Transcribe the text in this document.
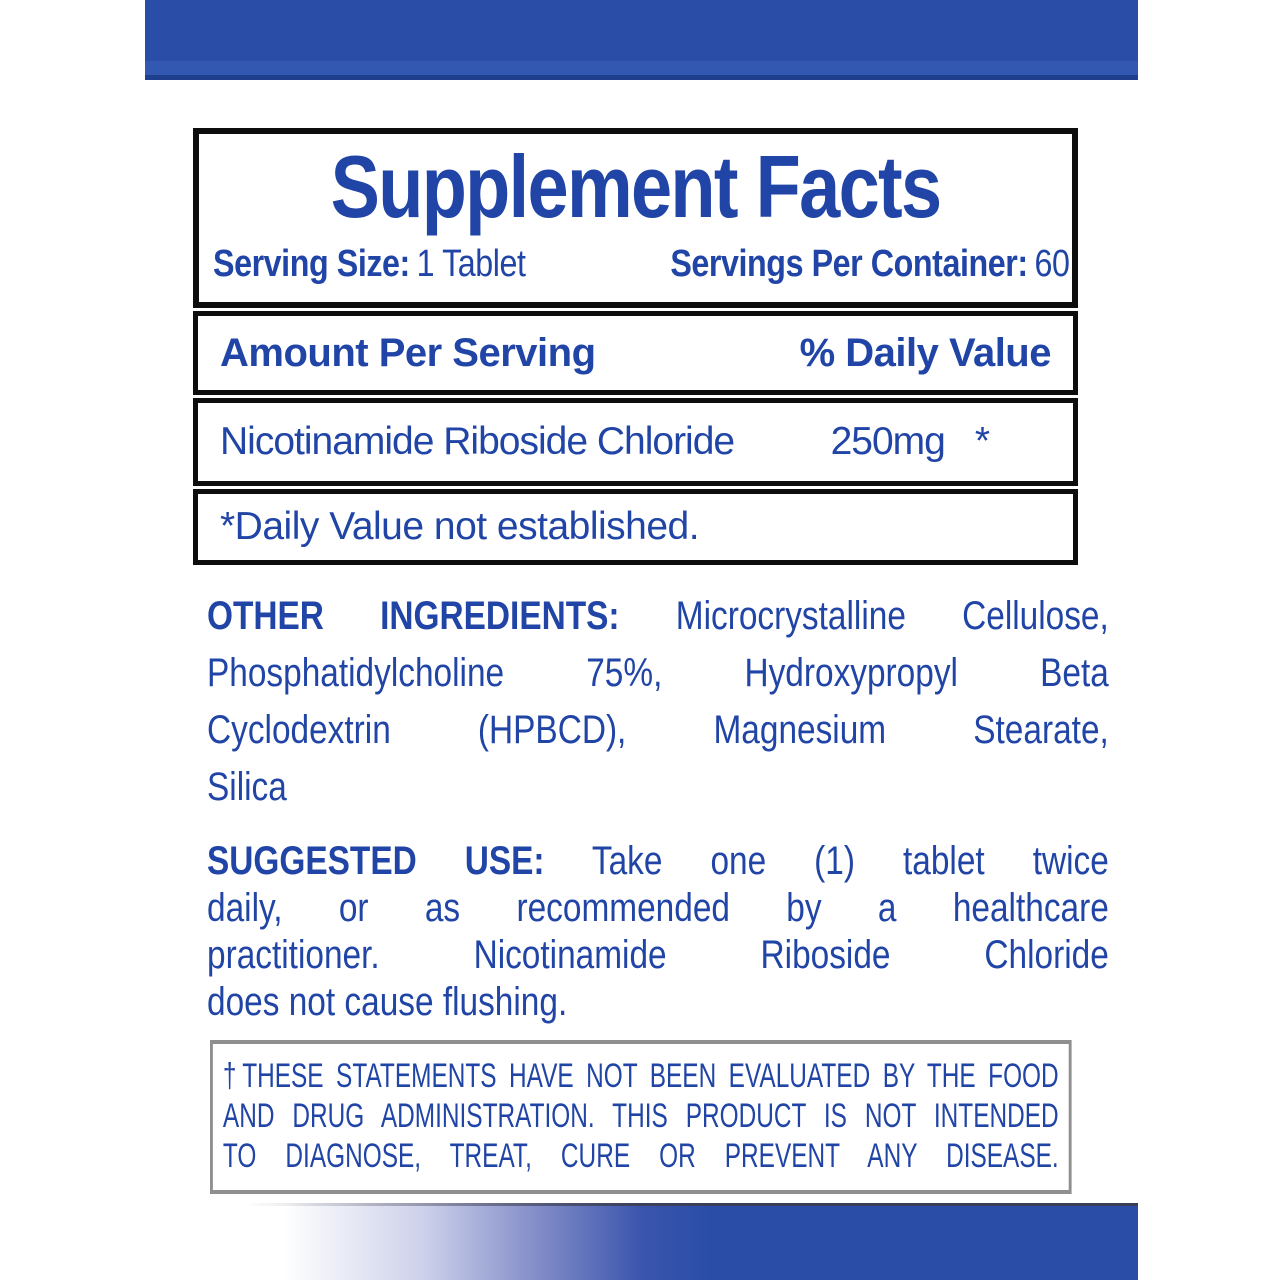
Supplement Facts
Serving Size: 1 Tablet	Servings Per Container: 60
Amount Per Serving	% Daily Value
Nicotinamide Riboside Chloride	250mg *
*Daily Value not established.
OTHER INGREDIENTS: Microcrystalline Cellulose,
Phosphatidylcholine 75%, Hydroxypropyl Beta
Cyclodextrin (HPBCD), Magnesium Stearate,
Silica
SUGGESTED USE: Take one (1) tablet twice
daily, or as recommended by a healthcare
practitioner. Nicotinamide Riboside Chloride
does not cause flushing.
†THESE STATEMENTS HAVE NOT BEEN EVALUATED BY THE FOOD
AND DRUG ADMINISTRATION. THIS PRODUCT IS NOT INTENDED
TO DIAGNOSE, TREAT, CURE OR PREVENT ANY DISEASE.
